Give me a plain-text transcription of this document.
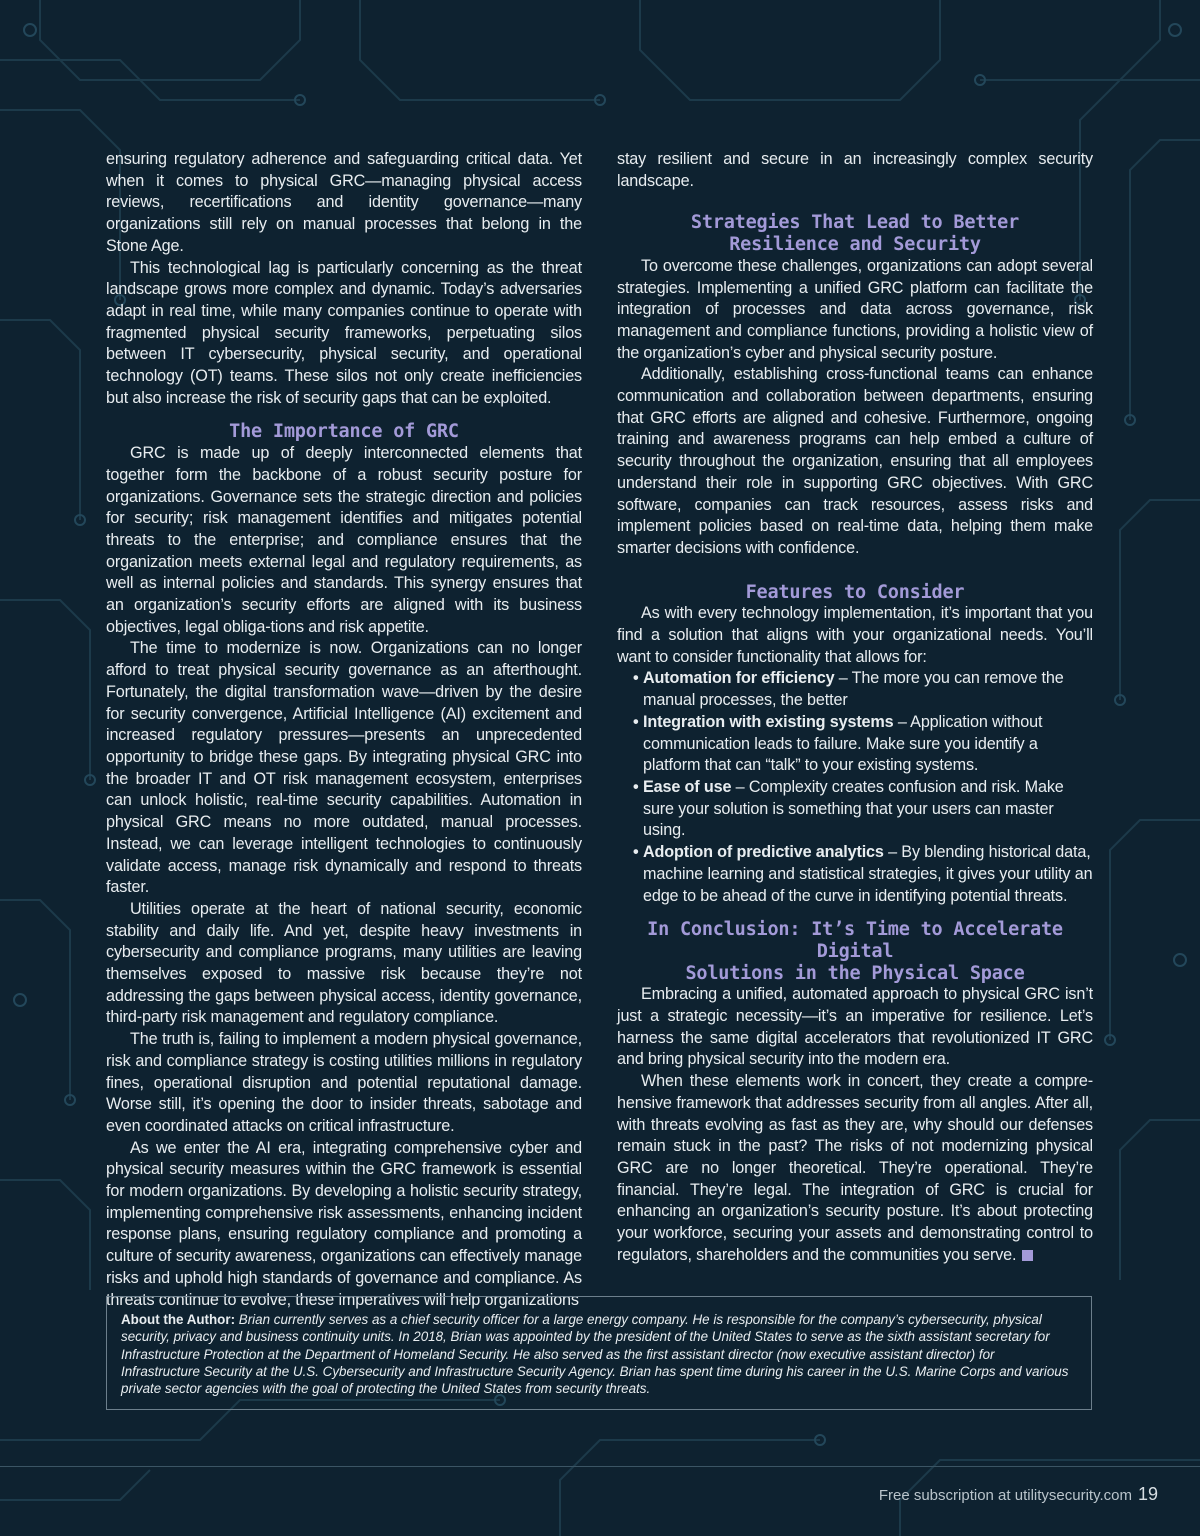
ensuring regulatory adherence and safeguarding critical data. Yet when it comes to physical GRC—managing physical access reviews, recertifications and identity governance—many organizations still rely on manual processes that belong in the Stone Age.

This technological lag is particularly concerning as the threat landscape grows more complex and dynamic. Today’s adversaries adapt in real time, while many companies continue to operate with fragmented physical security frameworks, perpetuating silos between IT cybersecurity, physical security, and operational technology (OT) teams. These silos not only create inefficiencies but also increase the risk of security gaps that can be exploited.

The Importance of GRC

GRC is made up of deeply interconnected elements that together form the backbone of a robust security posture for organizations. Governance sets the strategic direction and policies for security; risk management identifies and mitigates potential threats to the enterprise; and compliance ensures that the organization meets external legal and regulatory requirements, as well as internal policies and standards. This synergy ensures that an organization’s security efforts are aligned with its business objectives, legal obliga-tions and risk appetite.

The time to modernize is now. Organizations can no longer afford to treat physical security governance as an afterthought. Fortunately, the digital transformation wave—driven by the desire for security convergence, Artificial Intelligence (AI) excitement and increased regulatory pressures—presents an unprecedented opportunity to bridge these gaps. By integrating physical GRC into the broader IT and OT risk management ecosystem, enterprises can unlock holistic, real-time security capabilities. Automation in physical GRC means no more outdated, manual processes. Instead, we can leverage intelligent technologies to continuously validate access, manage risk dynamically and respond to threats faster.

Utilities operate at the heart of national security, economic stability and daily life. And yet, despite heavy investments in cybersecurity and compliance programs, many utilities are leaving themselves exposed to massive risk because they’re not addressing the gaps between physical access, identity governance, third-party risk management and regulatory compliance.

The truth is, failing to implement a modern physical governance, risk and compliance strategy is costing utilities millions in regulatory fines, operational disruption and potential reputational damage. Worse still, it’s opening the door to insider threats, sabotage and even coordinated attacks on critical infrastructure.

As we enter the AI era, integrating comprehensive cyber and physical security measures within the GRC framework is essential for modern organizations. By developing a holistic security strategy, implementing comprehensive risk assessments, enhancing incident response plans, ensuring regulatory compliance and promoting a culture of security awareness, organizations can effectively manage risks and uphold high standards of governance and compliance. As threats continue to evolve, these imperatives will help organizations

stay resilient and secure in an increasingly complex security landscape.

Strategies That Lead to Better
Resilience and Security

To overcome these challenges, organizations can adopt several strategies. Implementing a unified GRC platform can facilitate the integration of processes and data across governance, risk management and compliance functions, providing a holistic view of the organization’s cyber and physical security posture.

Additionally, establishing cross-functional teams can enhance communication and collaboration between departments, ensuring that GRC efforts are aligned and cohesive. Furthermore, ongoing training and awareness programs can help embed a culture of security throughout the organization, ensuring that all employees understand their role in supporting GRC objectives. With GRC software, companies can track resources, assess risks and implement policies based on real-time data, helping them make smarter decisions with confidence.

Features to Consider

As with every technology implementation, it’s important that you find a solution that aligns with your organizational needs. You’ll want to consider functionality that allows for:

• Automation for efficiency – The more you can remove the manual processes, the better
• Integration with existing systems – Application without communication leads to failure. Make sure you identify a platform that can “talk” to your existing systems.
• Ease of use – Complexity creates confusion and risk. Make sure your solution is something that your users can master using.
• Adoption of predictive analytics – By blending historical data, machine learning and statistical strategies, it gives your utility an edge to be ahead of the curve in identifying potential threats.
In Conclusion: It’s Time to Accelerate Digital
Solutions in the Physical Space

Embracing a unified, automated approach to physical GRC isn’t just a strategic necessity—it’s an imperative for resilience. Let’s harness the same digital accelerators that revolutionized IT GRC and bring physical security into the modern era.

When these elements work in concert, they create a compre-hensive framework that addresses security from all angles. After all, with threats evolving as fast as they are, why should our defenses remain stuck in the past? The risks of not modernizing physical GRC are no longer theoretical. They’re operational. They’re financial. They’re legal. The integration of GRC is crucial for enhancing an organization’s security posture. It’s about protecting your workforce, securing your assets and demonstrating control to regulators, shareholders and the communities you serve.

About the Author: Brian currently serves as a chief security officer for a large energy company. He is responsible for the company’s cybersecurity, physical security, privacy and business continuity units. In 2018, Brian was appointed by the president of the United States to serve as the sixth assistant secretary for Infrastructure Protection at the Department of Homeland Security. He also served as the first assistant director (now executive assistant director) for Infrastructure Security at the U.S. Cybersecurity and Infrastructure Security Agency. Brian has spent time during his career in the U.S. Marine Corps and various private sector agencies with the goal of protecting the United States from security threats.
Free subscription at utilitysecurity.com 19
